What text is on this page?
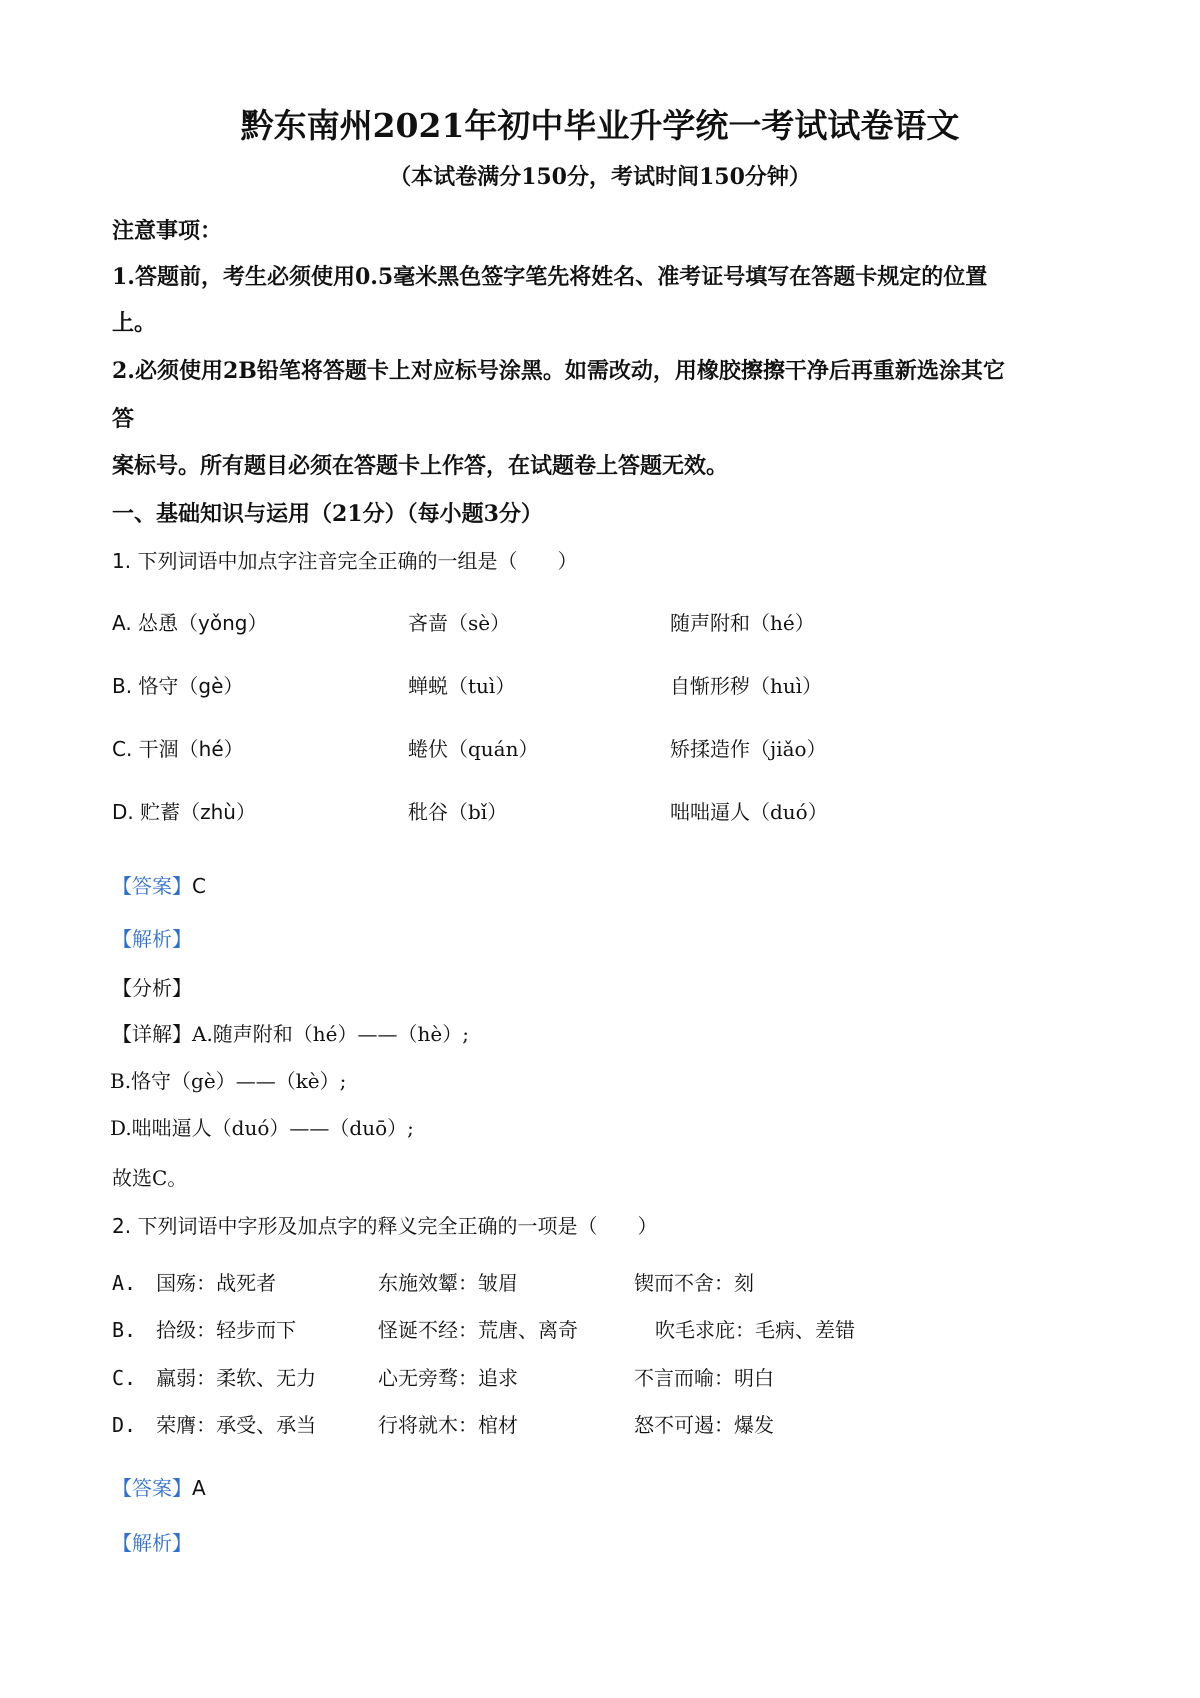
黔东南州2021年初中毕业升学统一考试试卷语文
（本试卷满分150分，考试时间150分钟）
注意事项：
1.答题前，考生必须使用0.5毫米黑色签字笔先将姓名、准考证号填写在答题卡规定的位置
上。
2.必须使用2B铅笔将答题卡上对应标号涂黑。如需改动，用橡胶擦擦干净后再重新选涂其它
答
案标号。所有题目必须在答题卡上作答，在试题卷上答题无效。
一、基础知识与运用（21分）（每小题3分）
1. 下列词语中加点字注音完全正确的一组是（　　）
A. 怂恿（yǒng）	吝啬（sè）	随声附和（hé）
B. 恪守（gè）	蝉蜕（tuì）	自惭形秽（huì）
C. 干涸（hé）	蜷伏（quán）	矫揉造作（jiǎo）
D. 贮蓄（zhù）	秕谷（bǐ）	咄咄逼人（duó）
【答案】C
【解析】
【分析】
【详解】A.随声附和（hé）——（hè）;
B.恪守（gè）——（kè）;
D.咄咄逼人（duó）——（duō）;
故选C。
2. 下列词语中字形及加点字的释义完全正确的一项是（　　）
A.　国殇：战死者	东施效颦：皱眉	锲而不舍：刻
B.　拾级：轻步而下	怪诞不经：荒唐、离奇	吹毛求庇：毛病、差错
C.　羸弱：柔软、无力	心无旁骛：追求	不言而喻：明白
D.　荣膺：承受、承当	行将就木：棺材	怒不可遏：爆发
【答案】A
【解析】
